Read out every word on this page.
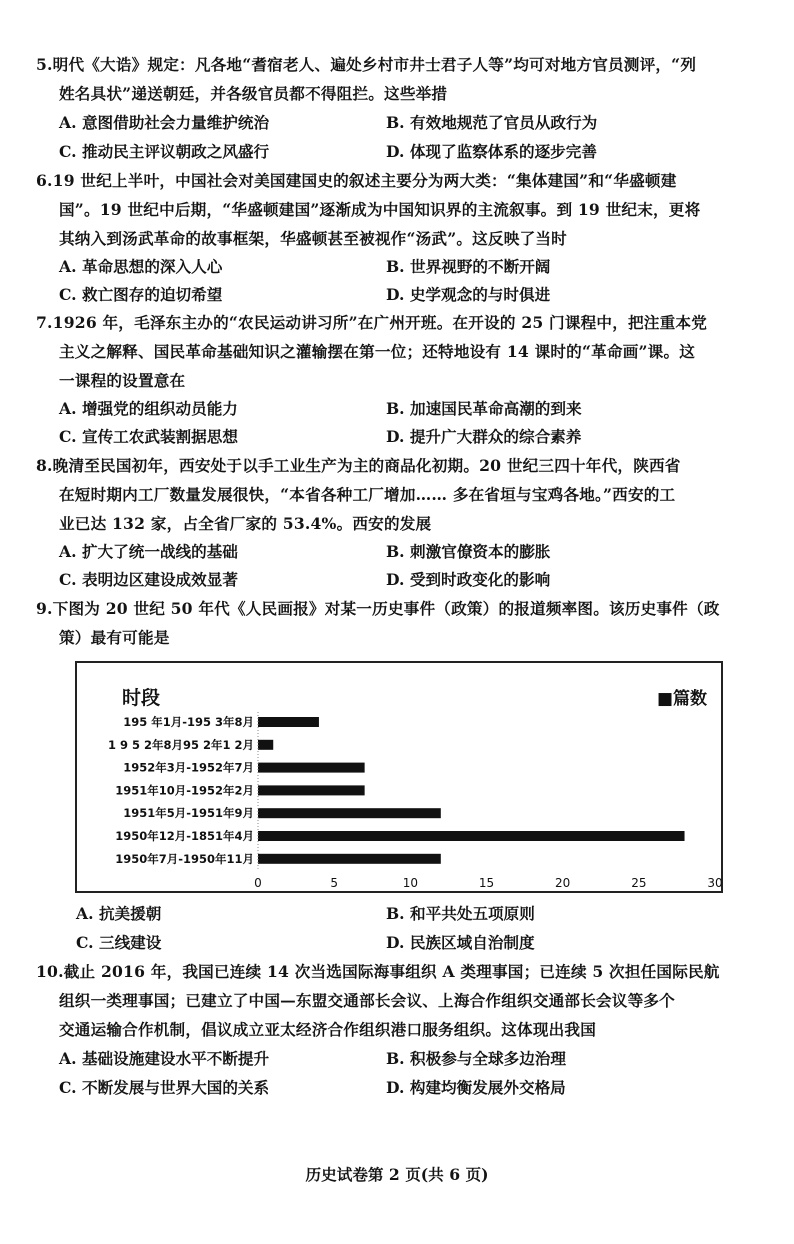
5.明代《大诰》规定：凡各地“耆宿老人、遍处乡村市井士君子人等”均可对地方官员测评，“列
姓名具状”递送朝廷，并各级官员都不得阻拦。这些举措
A. 意图借助社会力量维护统治	B. 有效地规范了官员从政行为
C. 推动民主评议朝政之风盛行	D. 体现了监察体系的逐步完善
6.19 世纪上半叶，中国社会对美国建国史的叙述主要分为两大类：“集体建国”和“华盛顿建
国”。19 世纪中后期，“华盛顿建国”逐渐成为中国知识界的主流叙事。到 19 世纪末，更将
其纳入到汤武革命的故事框架，华盛顿甚至被视作“汤武”。这反映了当时
A. 革命思想的深入人心	B. 世界视野的不断开阔
C. 救亡图存的迫切希望	D. 史学观念的与时俱进
7.1926 年，毛泽东主办的“农民运动讲习所”在广州开班。在开设的 25 门课程中，把注重本党
主义之解释、国民革命基础知识之灌输摆在第一位；还特地设有 14 课时的“革命画”课。这
一课程的设置意在
A. 增强党的组织动员能力	B. 加速国民革命高潮的到来
C. 宣传工农武装割据思想	D. 提升广大群众的综合素养
8.晚清至民国初年，西安处于以手工业生产为主的商品化初期。20 世纪三四十年代，陕西省
在短时期内工厂数量发展很快，“本省各种工厂增加…… 多在省垣与宝鸡各地。”西安的工
业已达 132 家，占全省厂家的 53.4%。西安的发展
A. 扩大了统一战线的基础	B. 刺激官僚资本的膨胀
C. 表明边区建设成效显著	D. 受到时政变化的影响
9.下图为 20 世纪 50 年代《人民画报》对某一历史事件（政策）的报道频率图。该历史事件（政
策）最有可能是
时段	■篇数
195 年1月-195 3年8月
1 9 5 2年8月95 2年1 2月
1952年3月-1952年7月
1951年10月-1952年2月
1951年5月-1951年9月
1950年12月-1851年4月
1950年7月-1950年11月
0	5	10	15	20	25	30
A. 抗美援朝	B. 和平共处五项原则
C. 三线建设	D. 民族区域自治制度
10.截止 2016 年，我国已连续 14 次当选国际海事组织 A 类理事国；已连续 5 次担任国际民航
组织一类理事国；已建立了中国—东盟交通部长会议、上海合作组织交通部长会议等多个
交通运输合作机制，倡议成立亚太经济合作组织港口服务组织。这体现出我国
A. 基础设施建设水平不断提升	B. 积极参与全球多边治理
C. 不断发展与世界大国的关系	D. 构建均衡发展外交格局
历史试卷第 2 页(共 6 页)
